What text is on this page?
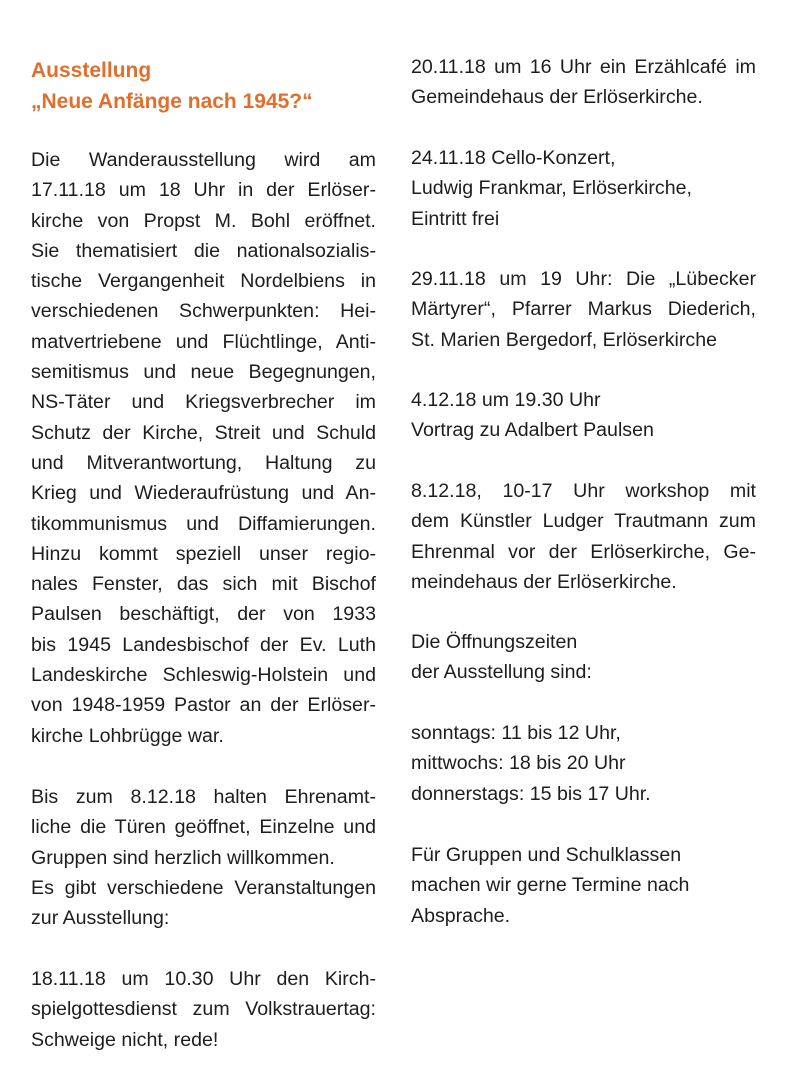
Ausstellung
„Neue Anfänge nach 1945?“
Die Wanderausstellung wird am
17.11.18 um 18 Uhr in der Erlöser-
kirche von Propst M. Bohl eröffnet.
Sie thematisiert die nationalsozialis-
tische Vergangenheit Nordelbiens in
verschiedenen Schwerpunkten: Hei-
matvertriebene und Flüchtlinge, Anti-
semitismus und neue Begegnungen,
NS-Täter und Kriegsverbrecher im
Schutz der Kirche, Streit und Schuld
und Mitverantwortung, Haltung zu
Krieg und Wiederaufrüstung und An-
tikommunismus und Diffamierungen.
Hinzu kommt speziell unser regio-
nales Fenster, das sich mit Bischof
Paulsen beschäftigt, der von 1933
bis 1945 Landesbischof der Ev. Luth
Landeskirche Schleswig-Holstein und
von 1948-1959 Pastor an der Erlöser-
kirche Lohbrügge war.
Bis zum 8.12.18 halten Ehrenamt-
liche die Türen geöffnet, Einzelne und
Gruppen sind herzlich willkommen.
Es gibt verschiedene Veranstaltungen
zur Ausstellung:
18.11.18 um 10.30 Uhr den Kirch-
spielgottesdienst zum Volkstrauertag:
Schweige nicht, rede!
20.11.18 um 16 Uhr ein Erzählcafé im
Gemeindehaus der Erlöserkirche.
24.11.18 Cello-Konzert,
Ludwig Frankmar, Erlöserkirche,
Eintritt frei
29.11.18 um 19 Uhr: Die „Lübecker
Märtyrer“, Pfarrer Markus Diederich,
St. Marien Bergedorf, Erlöserkirche
4.12.18 um 19.30 Uhr
Vortrag zu Adalbert Paulsen
8.12.18, 10-17 Uhr workshop mit
dem Künstler Ludger Trautmann zum
Ehrenmal vor der Erlöserkirche, Ge-
meindehaus der Erlöserkirche.
Die Öffnungszeiten
der Ausstellung sind:
sonntags: 11 bis 12 Uhr,
mittwochs: 18 bis 20 Uhr
donnerstags: 15 bis 17 Uhr.
Für Gruppen und Schulklassen
machen wir gerne Termine nach
Absprache.
